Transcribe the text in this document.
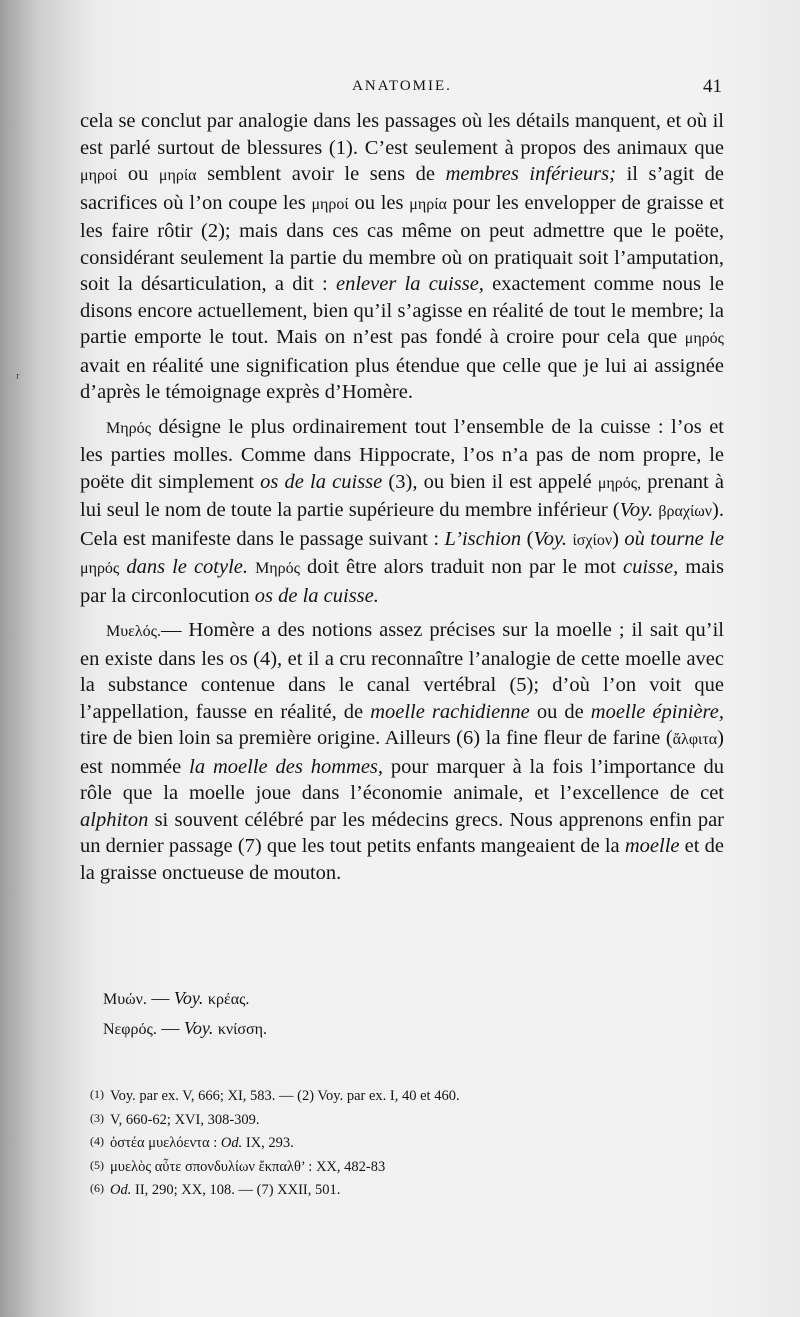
ʳ
ANATOMIE.	41

cela se conclut par analogie dans les passages où les détails manquent, et où il est parlé surtout de blessures (1). C’est seulement à propos des animaux que μηροί ou μηρία semblent avoir le sens de membres inférieurs; il s’agit de sacrifices où l’on coupe les μηροί ou les μηρία pour les envelopper de graisse et les faire rôtir (2); mais dans ces cas même on peut admettre que le poëte, considérant seulement la partie du membre où on pratiquait soit l’amputation, soit la désarticulation, a dit : enlever la cuisse, exactement comme nous le disons encore actuellement, bien qu’il s’agisse en réalité de tout le membre; la partie emporte le tout. Mais on n’est pas fondé à croire pour cela que μηρός avait en réalité une signification plus étendue que celle que je lui ai assignée d’après le témoignage exprès d’Homère.

Μηρός désigne le plus ordinairement tout l’ensemble de la cuisse : l’os et les parties molles. Comme dans Hippocrate, l’os n’a pas de nom propre, le poëte dit simplement os de la cuisse (3), ou bien il est appelé μηρός, prenant à lui seul le nom de toute la partie supérieure du membre inférieur (Voy. βραχίων). Cela est manifeste dans le passage suivant : L’ischion (Voy. ἰσχίον) où tourne le μηρός dans le cotyle. Μηρός doit être alors traduit non par le mot cuisse, mais par la circonlocution os de la cuisse.

Μυελός.— Homère a des notions assez précises sur la moelle ; il sait qu’il en existe dans les os (4), et il a cru reconnaître l’analogie de cette moelle avec la substance contenue dans le canal vertébral (5); d’où l’on voit que l’appellation, fausse en réalité, de moelle rachidienne ou de moelle épinière, tire de bien loin sa première origine. Ailleurs (6) la fine fleur de farine (ἄλφιτα) est nommée la moelle des hommes, pour marquer à la fois l’importance du rôle que la moelle joue dans l’économie animale, et l’excellence de cet alphiton si souvent célébré par les médecins grecs. Nous apprenons enfin par un dernier passage (7) que les tout petits enfants mangeaient de la moelle et de la graisse onctueuse de mouton.

Μυών. — Voy. κρέας.
Νεφρός. — Voy. κνίσση.
(1) Voy. par ex. V, 666; XI, 583. — (2) Voy. par ex. I, 40 et 460.
(3) V, 660-62; XVI, 308-309.
(4) ὀστέα μυελόεντα : Od. IX, 293.
(5) μυελὸς αὖτε σπονδυλίων ἔκπαλθ’ : XX, 482-83
(6) Od. II, 290; XX, 108. — (7) XXII, 501.
